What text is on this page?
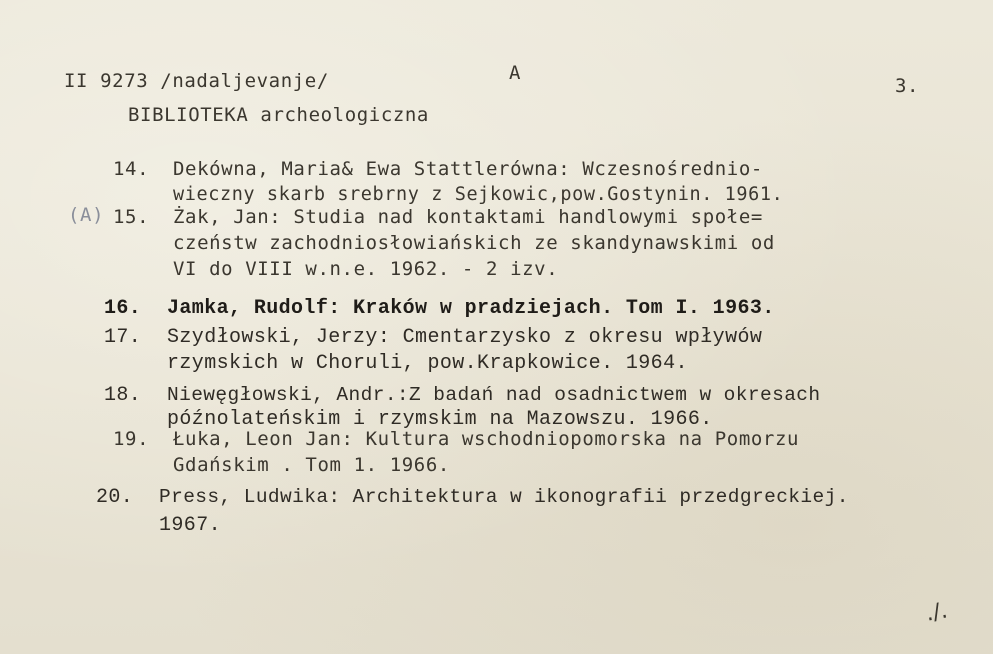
II 9273 /nadaljevanje/	A
3.
BIBLIOTEKA archeologiczna
14. Dekówna, Maria& Ewa Stattlerówna: Wczesnośrednio-
wieczny skarb srebrny z Sejkowic,pow.Gostynin. 1961.
(A) 15. Żak, Jan: Studia nad kontaktami handlowymi społe=
czeństw zachodniosłowiańskich ze skandynawskimi od
VI do VIII w.n.e. 1962. - 2 izv.
16. Jamka, Rudolf: Kraków w pradziejach. Tom I. 1963.
17. Szydłowski, Jerzy: Cmentarzysko z okresu wpływów
rzymskich w Choruli, pow.Krapkowice. 1964.
18. Niewęgłowski, Andr.:Z badań nad osadnictwem w okresach
późnolateńskim i rzymskim na Mazowszu. 1966.
19. Łuka, Leon Jan: Kultura wschodniopomorska na Pomorzu
Gdańskim . Tom 1. 1966.
20. Press, Ludwika: Architektura w ikonografii przedgreckiej.
1967.
./.
